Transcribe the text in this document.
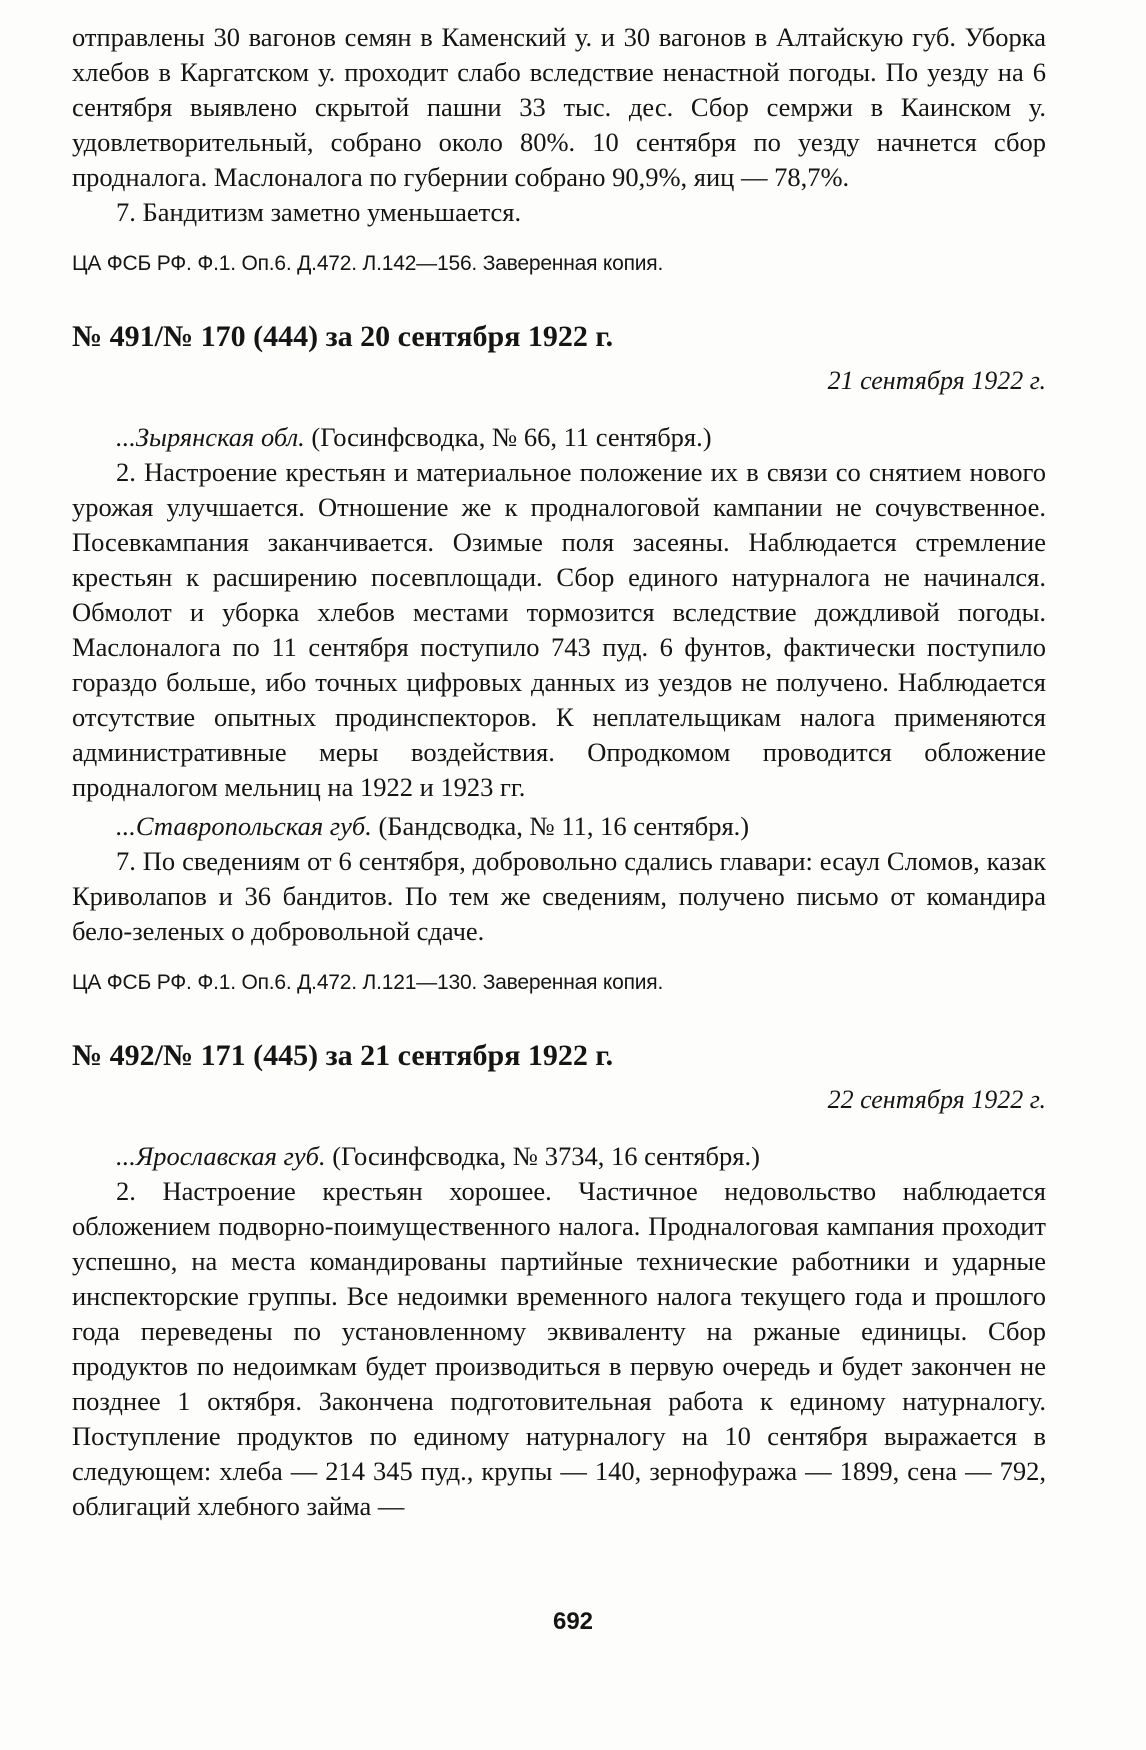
отправлены 30 вагонов семян в Каменский у. и 30 вагонов в Алтайскую губ. Уборка хлебов в Каргатском у. проходит слабо вследствие ненастной погоды. По уезду на 6 сентября выявлено скрытой пашни 33 тыс. дес. Сбор семржи в Каинском у. удовлетворительный, собрано около 80%. 10 сентября по уезду начнется сбор продналога. Маслоналога по губернии собрано 90,9%, яиц — 78,7%.

7. Бандитизм заметно уменьшается.

ЦА ФСБ РФ. Ф.1. Оп.6. Д.472. Л.142—156. Заверенная копия.

№ 491/№ 170 (444) за 20 сентября 1922 г.

21 сентября 1922 г.

...Зырянская обл. (Госинфсводка, № 66, 11 сентября.)

2. Настроение крестьян и материальное положение их в связи со снятием нового урожая улучшается. Отношение же к продналоговой кампании не сочувственное. Посевкампания заканчивается. Озимые поля засеяны. Наблюдается стремление крестьян к расширению посевплощади. Сбор единого натурналога не начинался. Обмолот и уборка хлебов местами тормозится вследствие дождливой погоды. Маслоналога по 11 сентября поступило 743 пуд. 6 фунтов, фактически поступило гораздо больше, ибо точных цифровых данных из уездов не получено. Наблюдается отсутствие опытных продинспекторов. К неплательщикам налога применяются административные меры воздействия. Опродкомом проводится обложение продналогом мельниц на 1922 и 1923 гг.

...Ставропольская губ. (Бандсводка, № 11, 16 сентября.)

7. По сведениям от 6 сентября, добровольно сдались главари: есаул Сломов, казак Криволапов и 36 бандитов. По тем же сведениям, получено письмо от командира бело-зеленых о добровольной сдаче.

ЦА ФСБ РФ. Ф.1. Оп.6. Д.472. Л.121—130. Заверенная копия.

№ 492/№ 171 (445) за 21 сентября 1922 г.

22 сентября 1922 г.

...Ярославская губ. (Госинфсводка, № 3734, 16 сентября.)

2. Настроение крестьян хорошее. Частичное недовольство наблюдается обложением подворно-поимущественного налога. Продналоговая кампания проходит успешно, на места командированы партийные технические работники и ударные инспекторские группы. Все недоимки временного налога текущего года и прошлого года переведены по установленному эквиваленту на ржаные единицы. Сбор продуктов по недоимкам будет производиться в первую очередь и будет закончен не позднее 1 октября. Закончена подготовительная работа к единому натурналогу. Поступление продуктов по единому натурналогу на 10 сентября выражается в следующем: хлеба — 214 345 пуд., крупы — 140, зернофуража — 1899, сена — 792, облигаций хлебного займа —

692
